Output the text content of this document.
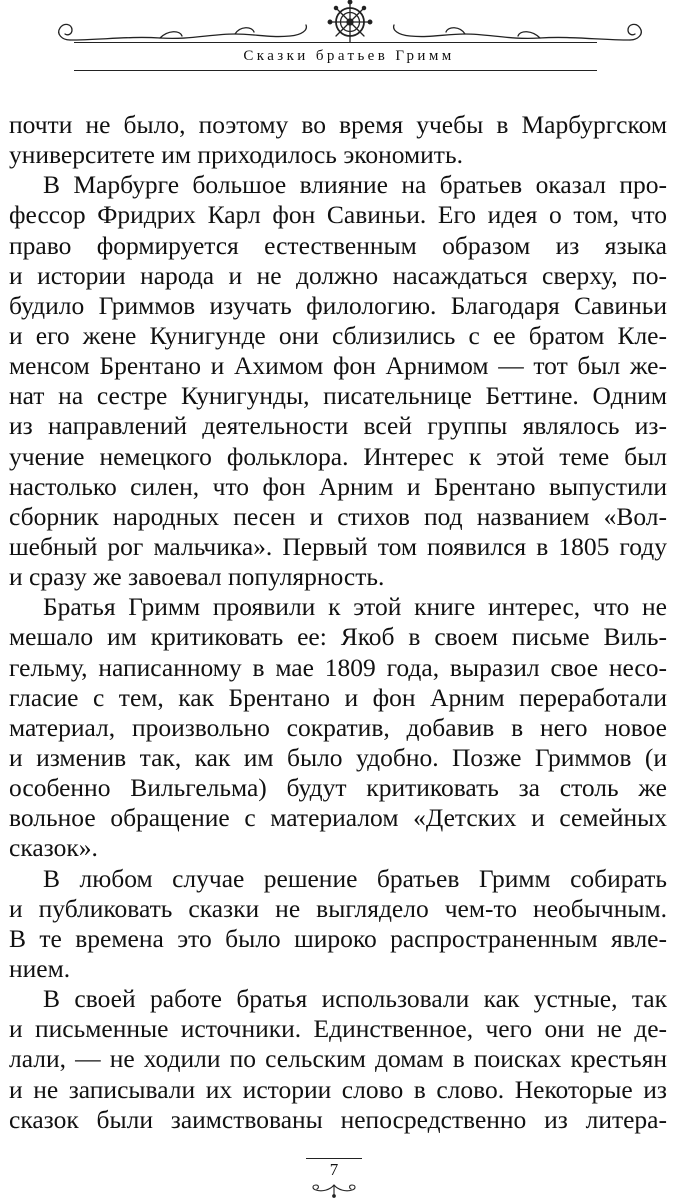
Сказки братьев Гримм
почти не было, поэтому во время учебы в Марбургском
университете им приходилось экономить.
В Марбурге большое влияние на братьев оказал про-
фессор Фридрих Карл фон Савиньи. Его идея о том, что
право формируется естественным образом из языка
и истории народа и не должно насаждаться сверху, по-
будило Гриммов изучать филологию. Благодаря Савиньи
и его жене Кунигунде они сблизились с ее братом Кле-
менсом Брентано и Ахимом фон Арнимом — тот был же-
нат на сестре Кунигунды, писательнице Беттине. Одним
из направлений деятельности всей группы являлось из-
учение немецкого фольклора. Интерес к этой теме был
настолько силен, что фон Арним и Брентано выпустили
сборник народных песен и стихов под названием «Вол-
шебный рог мальчика». Первый том появился в 1805 году
и сразу же завоевал популярность.
Братья Гримм проявили к этой книге интерес, что не
мешало им критиковать ее: Якоб в своем письме Виль-
гельму, написанному в мае 1809 года, выразил свое несо-
гласие с тем, как Брентано и фон Арним переработали
материал, произвольно сократив, добавив в него новое
и изменив так, как им было удобно. Позже Гриммов (и
особенно Вильгельма) будут критиковать за столь же
вольное обращение с материалом «Детских и семейных
сказок».
В любом случае решение братьев Гримм собирать
и публиковать сказки не выглядело чем-то необычным.
В те времена это было широко распространенным явле-
нием.
В своей работе братья использовали как устные, так
и письменные источники. Единственное, чего они не де-
лали, — не ходили по сельским домам в поисках крестьян
и не записывали их истории слово в слово. Некоторые из
сказок были заимствованы непосредственно из литера-
7
